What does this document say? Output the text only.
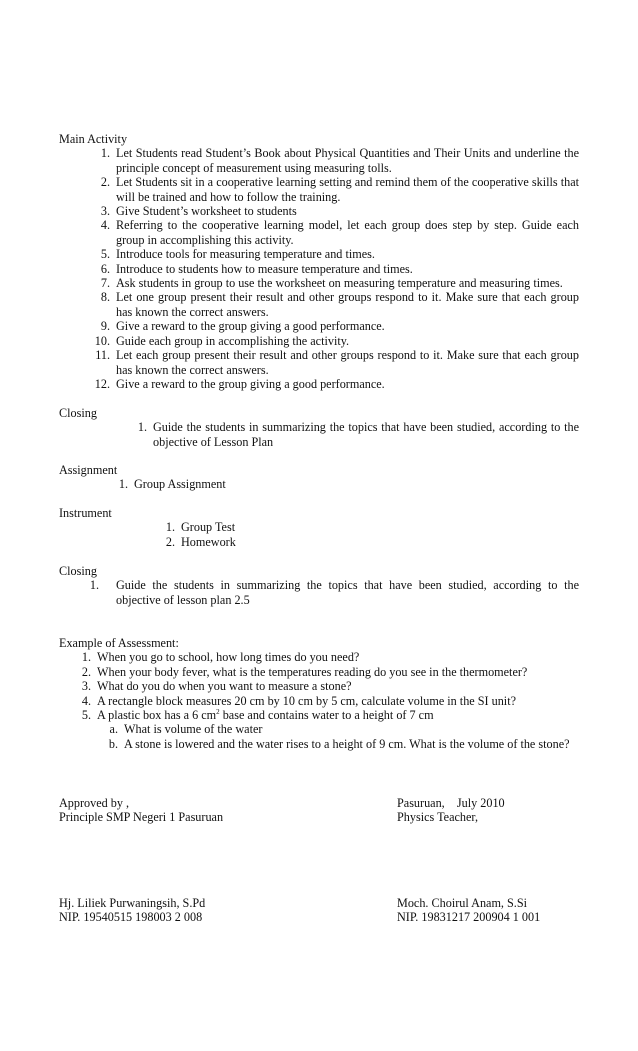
Main Activity
1. Let Students read Student’s Book about Physical Quantities and Their Units and underline the principle concept of measurement using measuring tolls.
2. Let Students sit in a cooperative learning setting and remind them of the cooperative skills that will be trained and how to follow the training.
3. Give Student’s worksheet to students
4. Referring to the cooperative learning model, let each group does step by step. Guide each group in accomplishing this activity.
5. Introduce tools for measuring temperature and times.
6. Introduce to students how to measure temperature and times.
7. Ask students in group to use the worksheet on measuring temperature and measuring times.
8. Let one group present their result and other groups respond to it. Make sure that each group has known the correct answers.
9. Give a reward to the group giving a good performance.
10. Guide each group in accomplishing the activity.
11. Let each group present their result and other groups respond to it. Make sure that each group has known the correct answers.
12. Give a reward to the group giving a good performance.
Closing
1. Guide the students in summarizing the topics that have been studied, according to the objective of Lesson Plan
Assignment
1. Group Assignment
Instrument
1. Group Test
2. Homework
Closing
1.	Guide the students in summarizing the topics that have been studied, according to the objective of lesson plan 2.5
Example of Assessment:
1. When you go to school, how long times do you need?
2. When your body fever, what is the temperatures reading do you see in the thermometer?
3. What do you do when you want to measure a stone?
4. A rectangle block measures 20 cm by 10 cm by 5 cm, calculate volume in the SI unit?
5. A plastic box has a 6 $cm^2$ base and contains water to a height of 7 cm
a. What is volume of the water
b. A stone is lowered and the water rises to a height of 9 cm. What is the volume of the stone?
Approved by ,
Principle SMP Negeri 1 Pasuruan
Pasuruan,    July 2010
Physics Teacher,
Hj. Liliek Purwaningsih, S.Pd
NIP. 19540515 198003 2 008
Moch. Choirul Anam, S.Si
NIP. 19831217 200904 1 001
